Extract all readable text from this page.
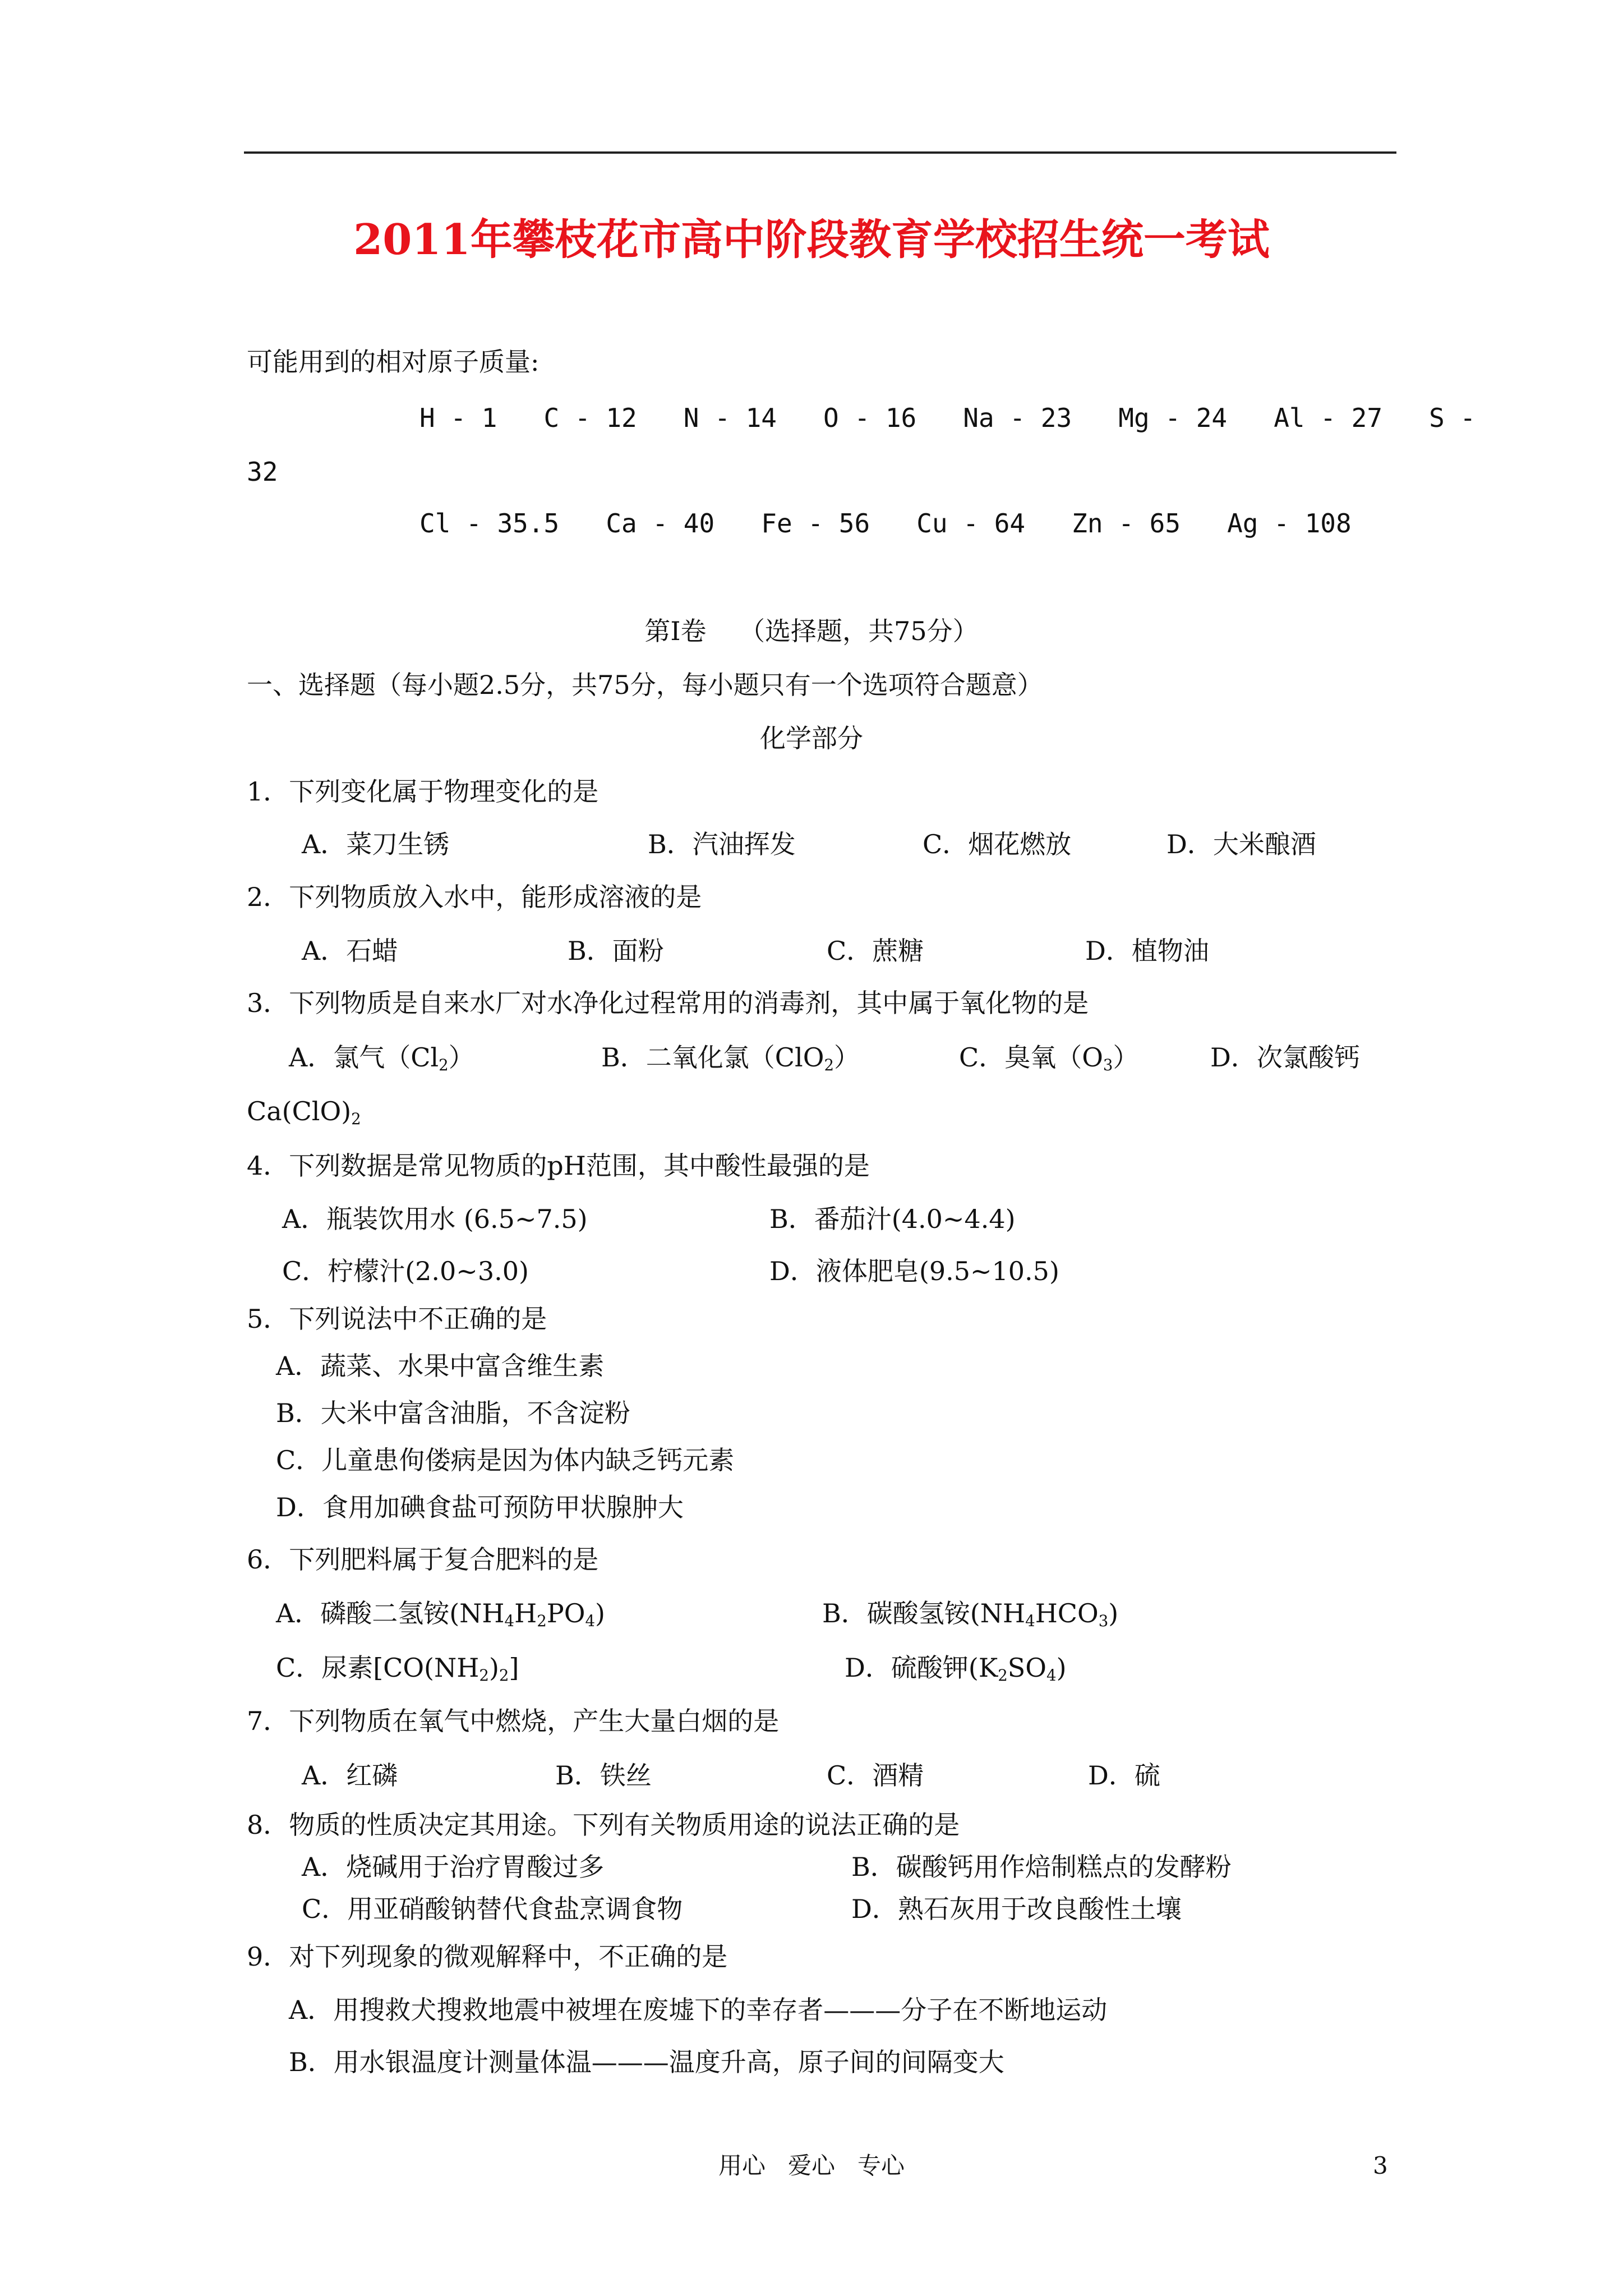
2011年攀枝花市高中阶段教育学校招生统一考试
可能用到的相对原子质量:
H - 1   C - 12   N - 14   O - 16   Na - 23   Mg - 24   Al - 27   S -
32
Cl - 35.5   Ca - 40   Fe - 56   Cu - 64   Zn - 65   Ag - 108
第Ⅰ卷    （选择题，共75分）
一、选择题（每小题2.5分，共75分，每小题只有一个选项符合题意）
化学部分
1．下列变化属于物理变化的是
A．菜刀生锈	B．汽油挥发	C．烟花燃放	D．大米酿酒
2．下列物质放入水中，能形成溶液的是
A．石蜡	B．面粉	C．蔗糖	D．植物油
3．下列物质是自来水厂对水净化过程常用的消毒剂，其中属于氧化物的是
A．氯气$(Cl_2)$	B．二氧化氯（ClO$_2$）	C．臭氧$(O_3)$	D．次氯酸钙
$Ca(ClO)_2$
4．下列数据是常见物质的pH范围，其中酸性最强的是
A．瓶装饮用水 (6.5~7.5)	B．番茄汁(4.0~4.4)
C．柠檬汁(2.0~3.0)	D．液体肥皂(9.5~10.5)
5．下列说法中不正确的是
A．蔬菜、水果中富含维生素
B．大米中富含油脂，不含淀粉
C．儿童患佝偻病是因为体内缺乏钙元素
D．食用加碘食盐可预防甲状腺肿大
6．下列肥料属于复合肥料的是
A．磷酸二氢铵$(NH_4H_2PO_4)$	B．碳酸氢铵$(NH_4HCO_3)$
C．尿素$[CO(NH_2)_2]$	D．硫酸钾$(K_2SO_4)$
7．下列物质在氧气中燃烧，产生大量白烟的是
A．红磷	B．铁丝	C．酒精	D．硫
8．物质的性质决定其用途。下列有关物质用途的说法正确的是
A．烧碱用于治疗胃酸过多	B．碳酸钙用作焙制糕点的发酵粉
C．用亚硝酸钠替代食盐烹调食物	D．熟石灰用于改良酸性土壤
9．对下列现象的微观解释中，不正确的是
A．用搜救犬搜救地震中被埋在废墟下的幸存者———分子在不断地运动
B．用水银温度计测量体温———温度升高，原子间的间隔变大
用心   爱心   专心	3
